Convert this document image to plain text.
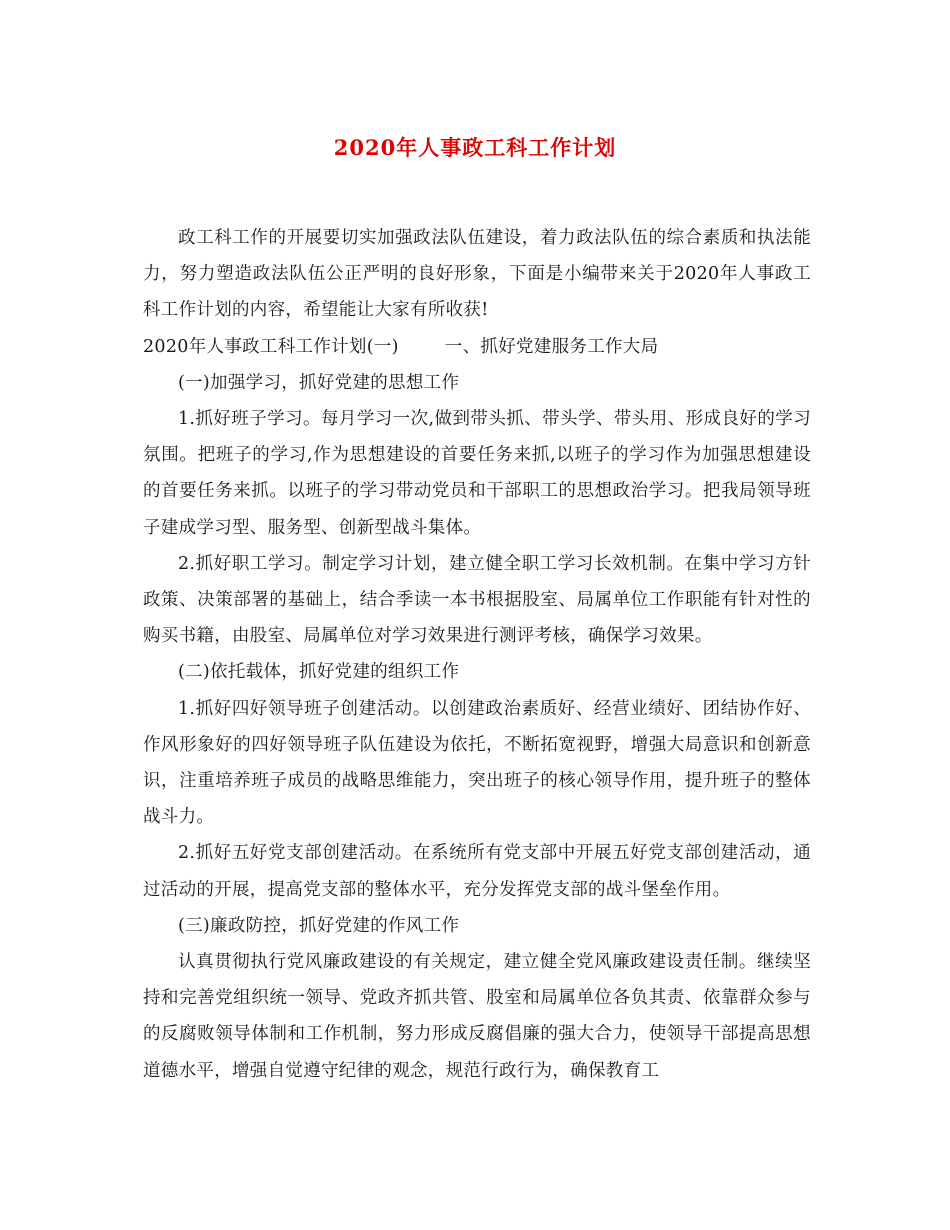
2020年人事政工科工作计划

政工科工作的开展要切实加强政法队伍建设，着力政法队伍的综合素质和执法能力，努力塑造政法队伍公正严明的良好形象，下面是小编带来关于2020年人事政工科工作计划的内容，希望能让大家有所收获!

2020年人事政工科工作计划(一)	一、抓好党建服务工作大局

(一)加强学习，抓好党建的思想工作

1.抓好班子学习。每月学习一次,做到带头抓、带头学、带头用、形成良好的学习氛围。把班子的学习,作为思想建设的首要任务来抓,以班子的学习作为加强思想建设的首要任务来抓。以班子的学习带动党员和干部职工的思想政治学习。把我局领导班子建成学习型、服务型、创新型战斗集体。

2.抓好职工学习。制定学习计划，建立健全职工学习长效机制。在集中学习方针政策、决策部署的基础上，结合季读一本书根据股室、局属单位工作职能有针对性的购买书籍，由股室、局属单位对学习效果进行测评考核，确保学习效果。

(二)依托载体，抓好党建的组织工作

1.抓好四好领导班子创建活动。以创建政治素质好、经营业绩好、团结协作好、作风形象好的四好领导班子队伍建设为依托，不断拓宽视野，增强大局意识和创新意识，注重培养班子成员的战略思维能力，突出班子的核心领导作用，提升班子的整体战斗力。

2.抓好五好党支部创建活动。在系统所有党支部中开展五好党支部创建活动，通过活动的开展，提高党支部的整体水平，充分发挥党支部的战斗堡垒作用。

(三)廉政防控，抓好党建的作风工作

认真贯彻执行党风廉政建设的有关规定，建立健全党风廉政建设责任制。继续坚持和完善党组织统一领导、党政齐抓共管、股室和局属单位各负其责、依靠群众参与的反腐败领导体制和工作机制，努力形成反腐倡廉的强大合力，使领导干部提高思想道德水平，增强自觉遵守纪律的观念，规范行政行为，确保教育工
